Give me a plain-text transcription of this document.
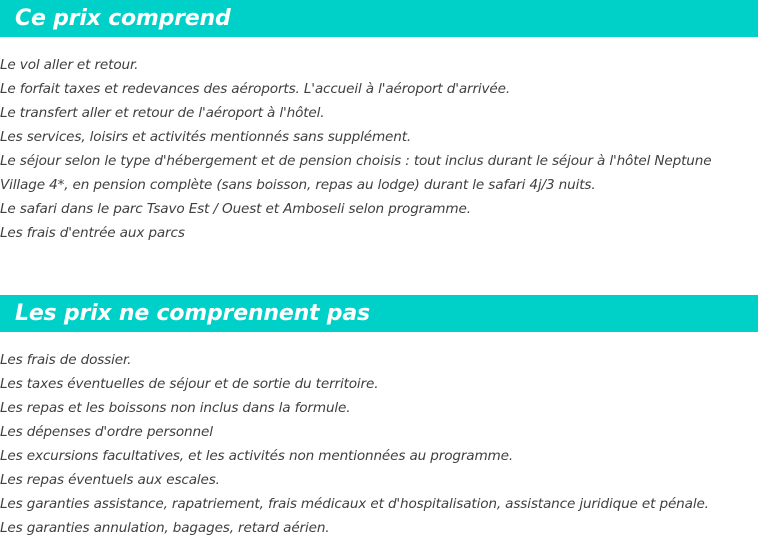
Ce prix comprend
Le vol aller et retour.
Le forfait taxes et redevances des aéroports. L'accueil à l'aéroport d'arrivée.
Le transfert aller et retour de l'aéroport à l'hôtel.
Les services, loisirs et activités mentionnés sans supplément.
Le séjour selon le type d'hébergement et de pension choisis : tout inclus durant le séjour à l'hôtel Neptune Village 4*, en pension complète (sans boisson, repas au lodge) durant le safari 4j/3 nuits.
Le safari dans le parc Tsavo Est / Ouest et Amboseli selon programme.
Les frais d'entrée aux parcs
Les prix ne comprennent pas
Les frais de dossier.
Les taxes éventuelles de séjour et de sortie du territoire.
Les repas et les boissons non inclus dans la formule.
Les dépenses d'ordre personnel
Les excursions facultatives, et les activités non mentionnées au programme.
Les repas éventuels aux escales.
Les garanties assistance, rapatriement, frais médicaux et d'hospitalisation, assistance juridique et pénale.
Les garanties annulation, bagages, retard aérien.
